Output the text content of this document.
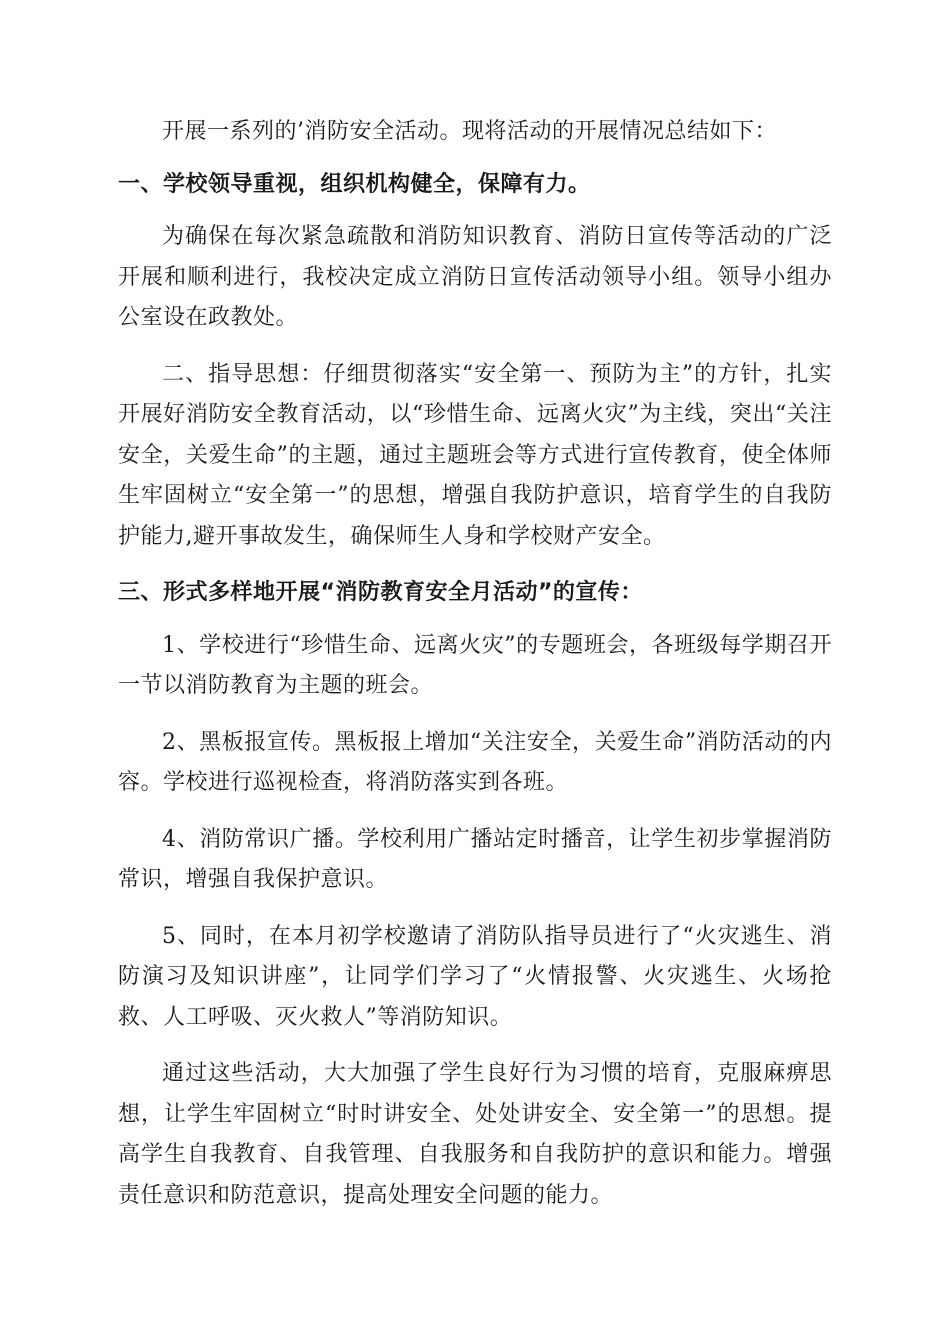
开展一系列的’消防安全活动。现将活动的开展情况总结如下：

一、学校领导重视，组织机构健全，保障有力。

为确保在每次紧急疏散和消防知识教育、消防日宣传等活动的广泛开展和顺利进行，我校决定成立消防日宣传活动领导小组。领导小组办公室设在政教处。

二、指导思想：仔细贯彻落实“安全第一、预防为主”的方针，扎实开展好消防安全教育活动，以“珍惜生命、远离火灾”为主线，突出“关注安全，关爱生命”的主题，通过主题班会等方式进行宣传教育，使全体师生牢固树立“安全第一”的思想，增强自我防护意识，培育学生的自我防护能力,避开事故发生，确保师生人身和学校财产安全。

三、形式多样地开展“消防教育安全月活动”的宣传：

1、学校进行“珍惜生命、远离火灾”的专题班会，各班级每学期召开一节以消防教育为主题的班会。

2、黑板报宣传。黑板报上增加“关注安全，关爱生命”消防活动的内容。学校进行巡视检查，将消防落实到各班。

4、消防常识广播。学校利用广播站定时播音，让学生初步掌握消防常识，增强自我保护意识。

5、同时，在本月初学校邀请了消防队指导员进行了“火灾逃生、消防演习及知识讲座”，让同学们学习了“火情报警、火灾逃生、火场抢救、人工呼吸、灭火救人”等消防知识。

通过这些活动，大大加强了学生良好行为习惯的培育，克服麻痹思想，让学生牢固树立“时时讲安全、处处讲安全、安全第一”的思想。提高学生自我教育、自我管理、自我服务和自我防护的意识和能力。增强责任意识和防范意识，提高处理安全问题的能力。
